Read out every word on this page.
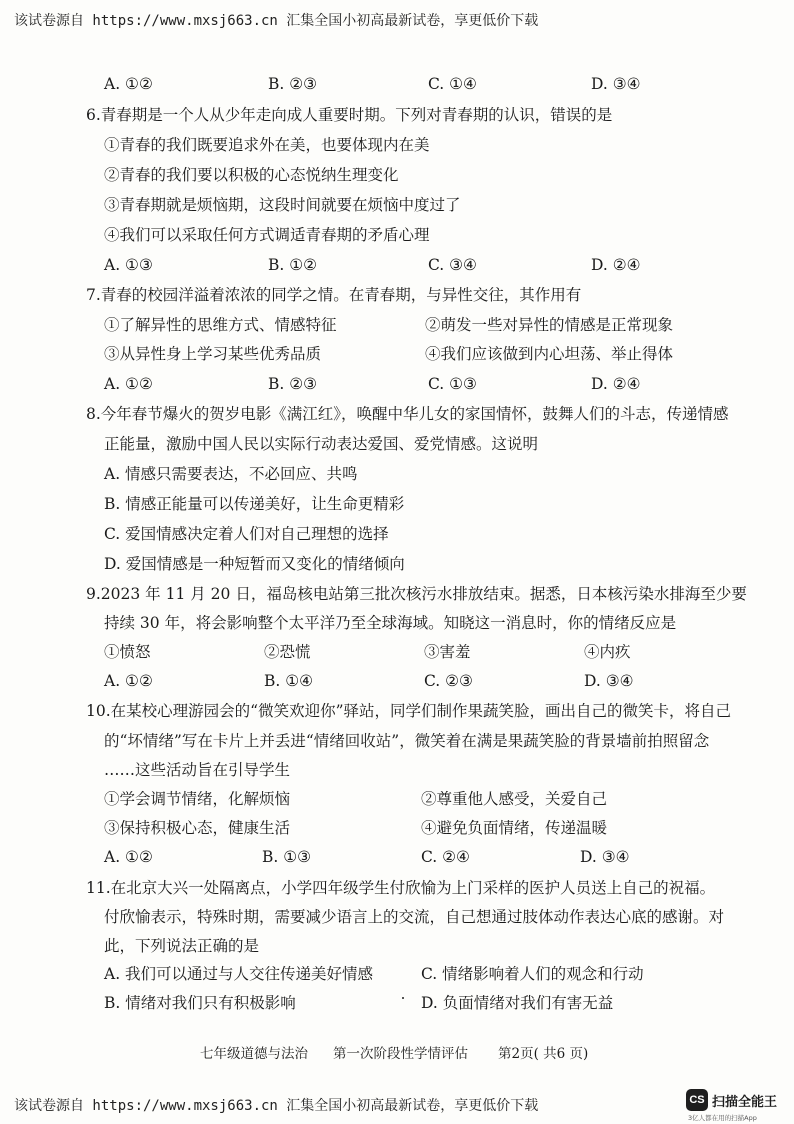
该试卷源自 https://www.mxsj663.cn 汇集全国小初高最新试卷，享更低价下载
A. ①②	B. ②③	C. ①④	D. ③④
6.青春期是一个人从少年走向成人重要时期。下列对青春期的认识，错误的是
①青春的我们既要追求外在美，也要体现内在美
②青春的我们要以积极的心态悦纳生理变化
③青春期就是烦恼期，这段时间就要在烦恼中度过了
④我们可以采取任何方式调适青春期的矛盾心理
A. ①③	B. ①②	C. ③④	D. ②④
7.青春的校园洋溢着浓浓的同学之情。在青春期，与异性交往，其作用有
①了解异性的思维方式、情感特征	②萌发一些对异性的情感是正常现象
③从异性身上学习某些优秀品质	④我们应该做到内心坦荡、举止得体
A. ①②	B. ②③	C. ①③	D. ②④
8.今年春节爆火的贺岁电影《满江红》，唤醒中华儿女的家国情怀，鼓舞人们的斗志，传递情感
正能量，激励中国人民以实际行动表达爱国、爱党情感。这说明
A. 情感只需要表达，不必回应、共鸣
B. 情感正能量可以传递美好，让生命更精彩
C. 爱国情感决定着人们对自己理想的选择
D. 爱国情感是一种短暂而又变化的情绪倾向
9.2023 年 11 月 20 日，福岛核电站第三批次核污水排放结束。据悉，日本核污染水排海至少要
持续 30 年，将会影响整个太平洋乃至全球海域。知晓这一消息时，你的情绪反应是
①愤怒	②恐慌	③害羞	④内疚
A. ①②	B. ①④	C. ②③	D. ③④
10.在某校心理游园会的“微笑欢迎你”驿站，同学们制作果蔬笑脸，画出自己的微笑卡，将自己
的“坏情绪”写在卡片上并丢进“情绪回收站”，微笑着在满是果蔬笑脸的背景墙前拍照留念
……这些活动旨在引导学生
①学会调节情绪，化解烦恼	②尊重他人感受，关爱自己
③保持积极心态，健康生活	④避免负面情绪，传递温暖
A. ①②	B. ①③	C. ②④	D. ③④
11.在北京大兴一处隔离点，小学四年级学生付欣愉为上门采样的医护人员送上自己的祝福。
付欣愉表示，特殊时期，需要减少语言上的交流，自己想通过肢体动作表达心底的感谢。对
此，下列说法正确的是
A. 我们可以通过与人交往传递美好情感	C. 情绪影响着人们的观念和行动
B. 情绪对我们只有积极影响	D. 负面情绪对我们有害无益
七年级道德与法治 第一次阶段性学情评估 第2页( 共6 页)
该试卷源自 https://www.mxsj663.cn 汇集全国小初高最新试卷，享更低价下载	CS 扫描全能王
3亿人都在用的扫描App
